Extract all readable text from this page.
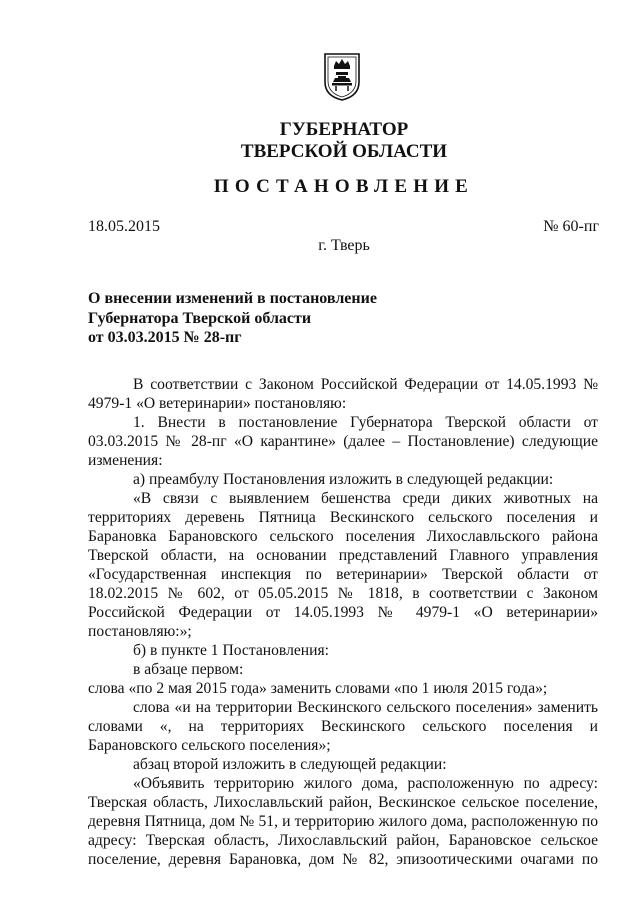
ГУБЕРНАТОР
ТВЕРСКОЙ ОБЛАСТИ
ПОСТАНОВЛЕНИЕ
18.05.2015	№ 60-пг
г. Тверь
О внесении изменений в постановление
Губернатора Тверской области
от 03.03.2015 № 28-пг

В соответствии с Законом Российской Федерации от 14.05.1993 № 4979-1 «О ветеринарии» постановляю:

1. Внести в постановление Губернатора Тверской области от 03.03.2015 № 28-пг «О карантине» (далее – Постановление) следующие изменения:

а) преамбулу Постановления изложить в следующей редакции:

«В связи с выявлением бешенства среди диких животных на территориях деревень Пятница Вескинского сельского поселения и Барановка Барановского сельского поселения Лихославльского района Тверской области, на основании представлений Главного управления «Государственная инспекция по ветеринарии» Тверской области от 18.02.2015 № 602, от 05.05.2015 № 1818, в соответствии с Законом Российской Федерации от 14.05.1993 № 4979-1 «О ветеринарии» постановляю:»;

б) в пункте 1 Постановления:

в абзаце первом:

слова «по 2 мая 2015 года» заменить словами «по 1 июля 2015 года»;

слова «и на территории Вескинского сельского поселения» заменить словами «, на территориях Вескинского сельского поселения и Барановского сельского поселения»;

абзац второй изложить в следующей редакции:

«Объявить территорию жилого дома, расположенную по адресу: Тверская область, Лихославльский район, Вескинское сельское поселение, деревня Пятница, дом № 51, и территорию жилого дома, расположенную по адресу: Тверская область, Лихославльский район, Барановское сельское поселение, деревня Барановка, дом № 82, эпизоотическими очагами по
